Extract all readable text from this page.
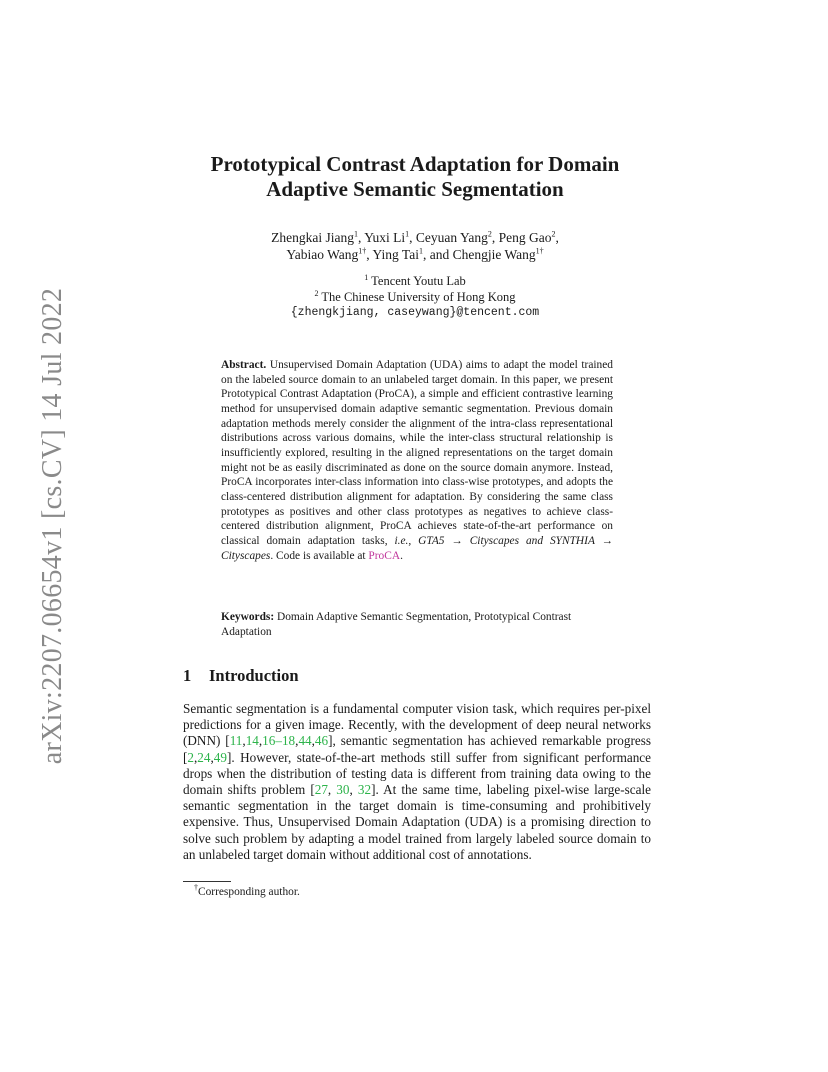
arXiv:2207.06654v1 [cs.CV] 14 Jul 2022
Prototypical Contrast Adaptation for Domain
Adaptive Semantic Segmentation
Zhengkai Jiang$^1$, Yuxi Li$^1$, Ceyuan Yang$^2$, Peng Gao$^2$,
Yabiao Wang$^{1\dagger}$, Ying Tai$^1$, and Chengjie Wang$^{1\dagger}$
$^1$ Tencent Youtu Lab
$^2$ The Chinese University of Hong Kong
{zhengkjiang, caseywang}@tencent.com
Abstract. Unsupervised Domain Adaptation (UDA) aims to adapt the model trained on the labeled source domain to an unlabeled target domain. In this paper, we present Prototypical Contrast Adaptation (ProCA), a simple and efficient contrastive learning method for unsupervised domain adaptive semantic segmentation. Previous domain adaptation methods merely consider the alignment of the intra-class representational distributions across various domains, while the inter-class structural relationship is insufficiently explored, resulting in the aligned representations on the target domain might not be as easily discriminated as done on the source domain anymore. Instead, ProCA incorporates inter-class information into class-wise prototypes, and adopts the class-centered distribution alignment for adaptation. By considering the same class prototypes as positives and other class prototypes as negatives to achieve class-centered distribution alignment, ProCA achieves state-of-the-art performance on classical domain adaptation tasks, i.e., GTA5 → Cityscapes and SYNTHIA → Cityscapes. Code is available at ProCA.
Keywords: Domain Adaptive Semantic Segmentation, Prototypical Contrast Adaptation
1 Introduction
Semantic segmentation is a fundamental computer vision task, which requires per-pixel predictions for a given image. Recently, with the development of deep neural networks (DNN) [11,14,16–18,44,46], semantic segmentation has achieved remarkable progress [2,24,49]. However, state-of-the-art methods still suffer from significant performance drops when the distribution of testing data is different from training data owing to the domain shifts problem [27, 30, 32]. At the same time, labeling pixel-wise large-scale semantic segmentation in the target domain is time-consuming and prohibitively expensive. Thus, Unsupervised Domain Adaptation (UDA) is a promising direction to solve such problem by adapting a model trained from largely labeled source domain to an unlabeled target domain without additional cost of annotations.
†Corresponding author.
